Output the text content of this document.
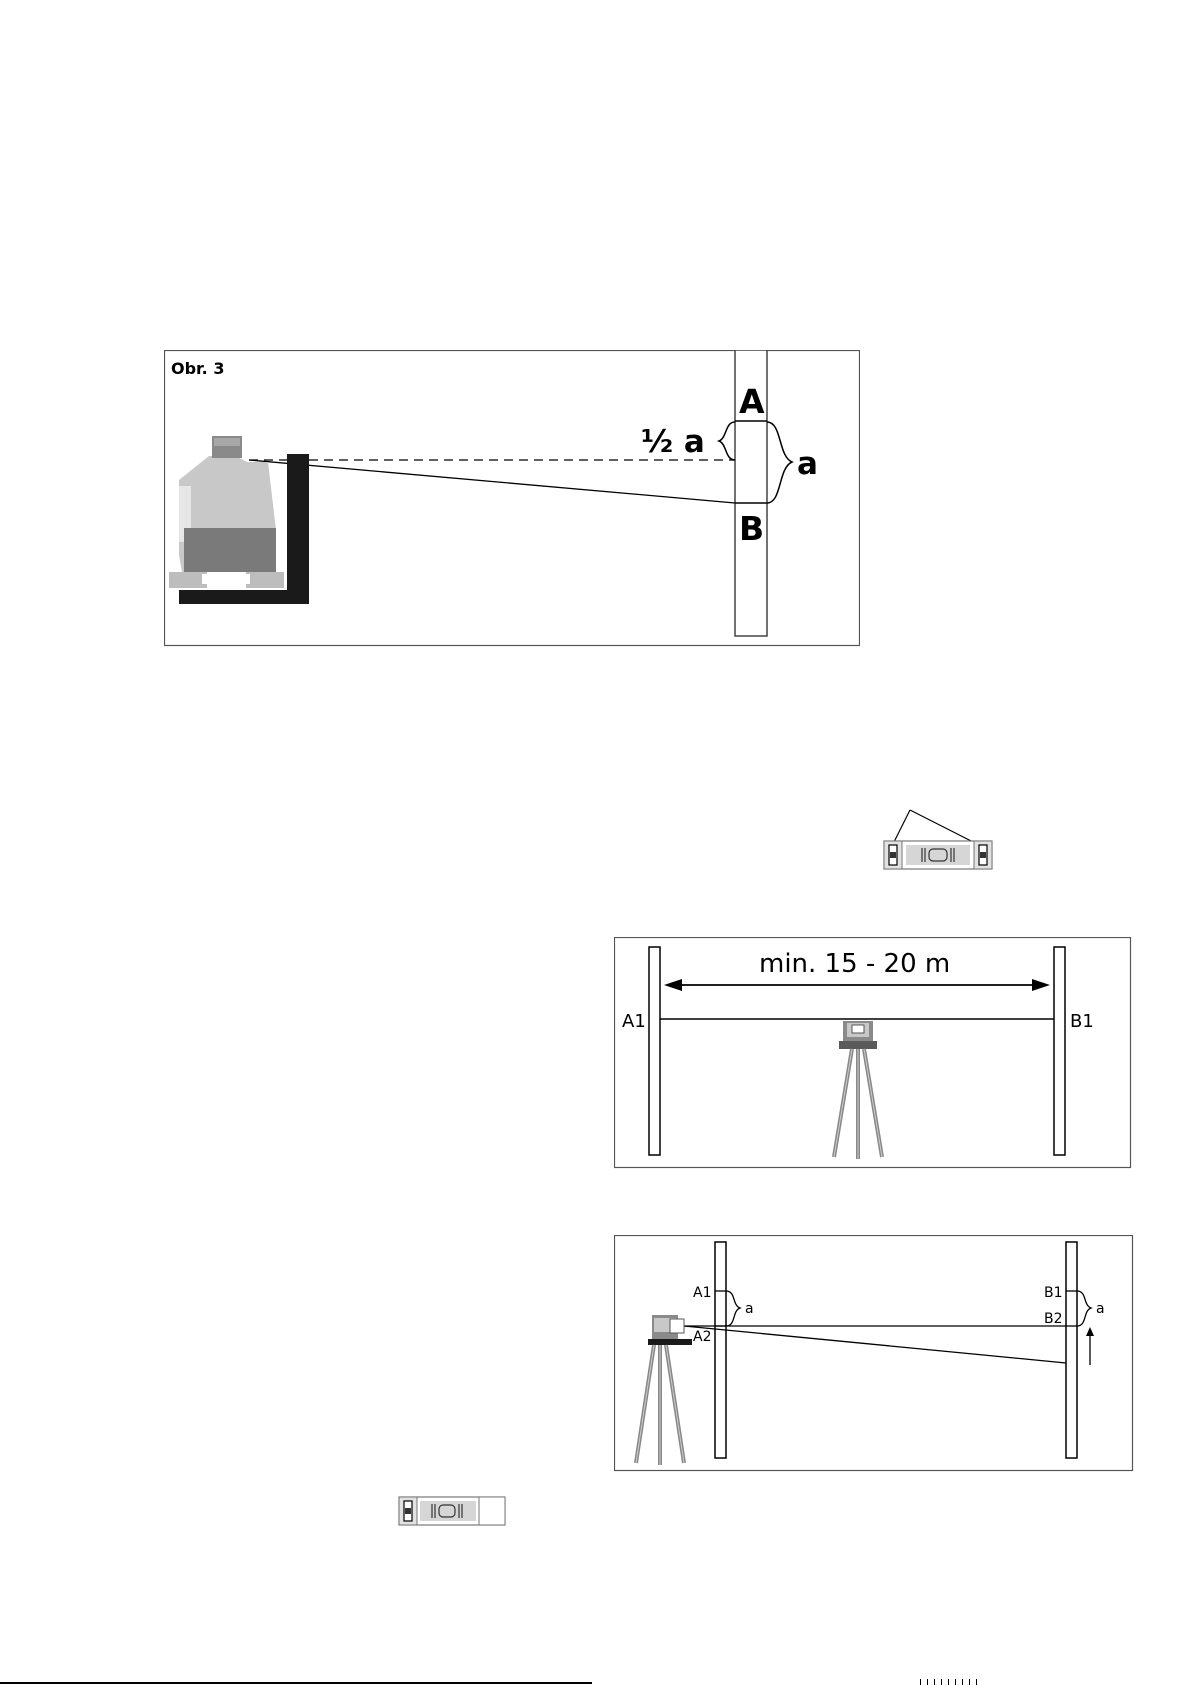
Obr. 3
A
B
½ a
a
min. 15 - 20 m
A1	B1
A1
A2
a
B1
B2
a
